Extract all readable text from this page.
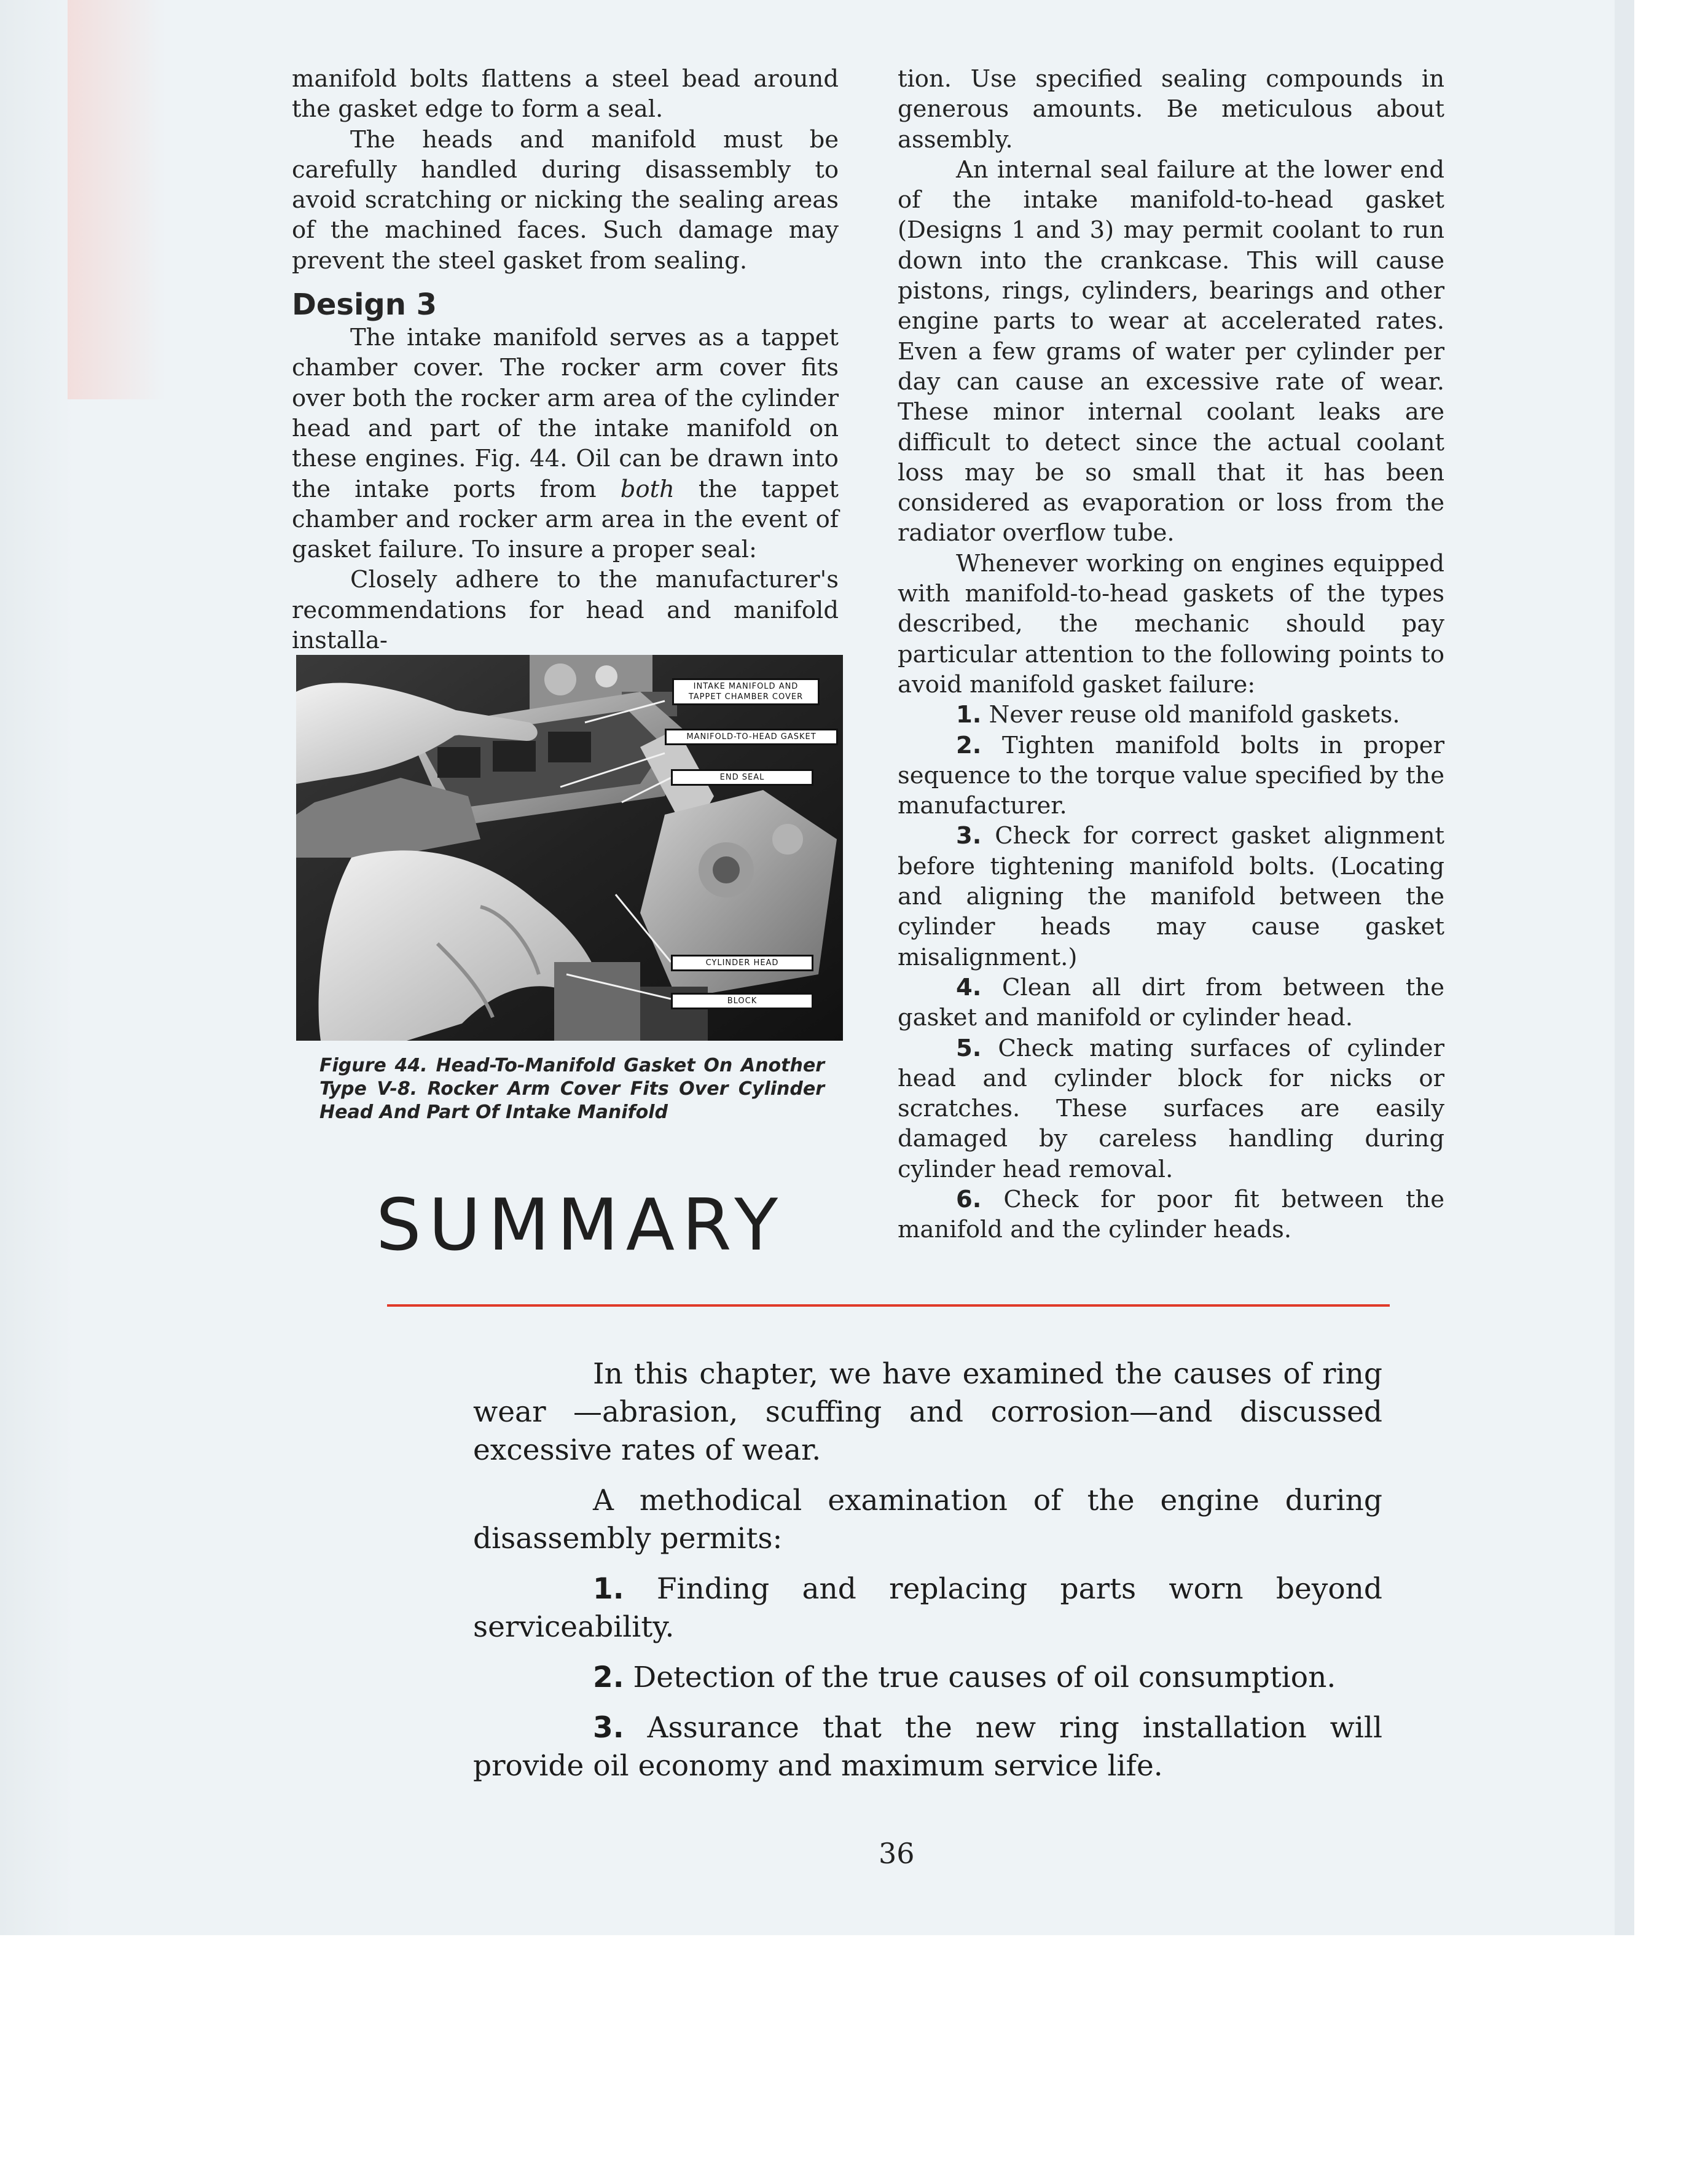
manifold bolts flattens a steel bead around the gasket edge to form a seal.

The heads and manifold must be carefully handled during disassembly to avoid scratching or nicking the sealing areas of the machined faces. Such damage may prevent the steel gasket from sealing.

Design 3

The intake manifold serves as a tappet chamber cover. The rocker arm cover fits over both the rocker arm area of the cylinder head and part of the intake manifold on these engines. Fig. 44. Oil can be drawn into the intake ports from both the tappet chamber and rocker arm area in the event of gasket failure. To insure a proper seal:

Closely adhere to the manufacturer's recommendations for head and manifold installa-

tion. Use specified sealing compounds in generous amounts. Be meticulous about assembly.

An internal seal failure at the lower end of the intake manifold-to-head gasket (Designs 1 and 3) may permit coolant to run down into the crankcase. This will cause pistons, rings, cylinders, bearings and other engine parts to wear at accelerated rates. Even a few grams of water per cylinder per day can cause an excessive rate of wear. These minor internal coolant leaks are difficult to detect since the actual coolant loss may be so small that it has been considered as evaporation or loss from the radiator overflow tube.

Whenever working on engines equipped with manifold-to-head gaskets of the types described, the mechanic should pay particular attention to the following points to avoid manifold gasket failure:

1. Never reuse old manifold gaskets.

2. Tighten manifold bolts in proper sequence to the torque value specified by the manufacturer.

3. Check for correct gasket alignment before tightening manifold bolts. (Locating and aligning the manifold between the cylinder heads may cause gasket misalignment.)

4. Clean all dirt from between the gasket and manifold or cylinder head.

5. Check mating surfaces of cylinder head and cylinder block for nicks or scratches. These surfaces are easily damaged by careless handling during cylinder head removal.

6. Check for poor fit between the manifold and the cylinder heads.

INTAKE MANIFOLD AND TAPPET CHAMBER COVER
MANIFOLD-TO-HEAD GASKET
END SEAL
CYLINDER HEAD
BLOCK
Figure 44. Head-To-Manifold Gasket On Another Type V-8. Rocker Arm Cover Fits Over Cylinder Head And Part Of Intake Manifold
SUMMARY

In this chapter, we have examined the causes of ring wear —abrasion, scuffing and corrosion—and discussed excessive rates of wear.

A methodical examination of the engine during disassembly permits:

1. Finding and replacing parts worn beyond serviceability.

2. Detection of the true causes of oil consumption.

3. Assurance that the new ring installation will provide oil economy and maximum service life.

36
